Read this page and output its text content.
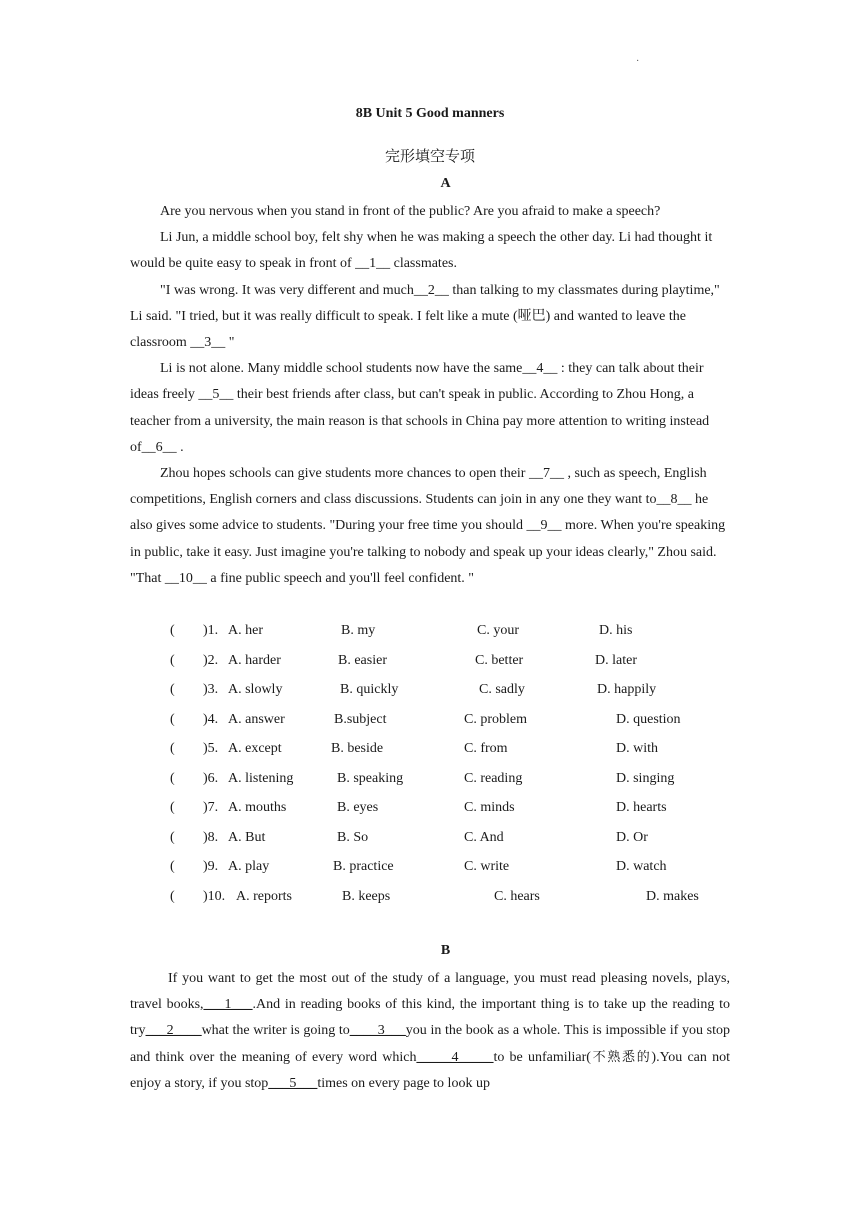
·
8B Unit 5 Good manners
完形填空专项
A

Are you nervous when you stand in front of the public? Are you afraid to make a speech?

Li Jun, a middle school boy, felt shy when he was making a speech the other day. Li had thought it would be quite easy to speak in front of __1__ classmates.

"I was wrong. It was very different and much__2__ than talking to my classmates during playtime," Li said. "I tried, but it was really difficult to speak. I felt like a mute (哑巴) and wanted to leave the classroom __3__ "

Li is not alone. Many middle school students now have the same__4__ : they can talk about their ideas freely __5__ their best friends after class, but can't speak in public. According to Zhou Hong, a teacher from a university, the main reason is that schools in China pay more attention to writing instead of__6__ .

Zhou hopes schools can give students more chances to open their __7__ , such as speech, English competitions, English corners and class discussions. Students can join in any one they want to__8__ he also gives some advice to students. "During your free time you should __9__ more. When you're speaking in public, take it easy. Just imagine you're talking to nobody and speak up your ideas clearly," Zhou said. "That __10__ a fine public speech and you'll feel confident. "

( )1. A. her	B. my	C. your	D. his
( )2. A. harder	B. easier	C. better	D. later
( )3. A. slowly	B. quickly	C. sadly	D. happily
( )4. A. answer	B.subject	C. problem	D. question
( )5. A. except	B. beside	C. from	D. with
( )6. A. listening	B. speaking	C. reading	D. singing
( )7. A. mouths	B. eyes	C. minds	D. hearts
( )8. A. But	B. So	C. And	D. Or
( )9. A. play	B. practice	C. write	D. watch
( )10. A. reports	B. keeps	C. hears	D. makes
B
If you want to get the most out of the study of a language, you must read pleasing novels, plays, travel books,___1___.And in reading books of this kind, the important thing is to take up the reading to try___2____what the writer is going to____3___you in the book as a whole. This is impossible if you stop and think over the meaning of every word which_____4_____to be unfamiliar(不熟悉的).You can not enjoy a story, if you stop___5___times on every page to look up
